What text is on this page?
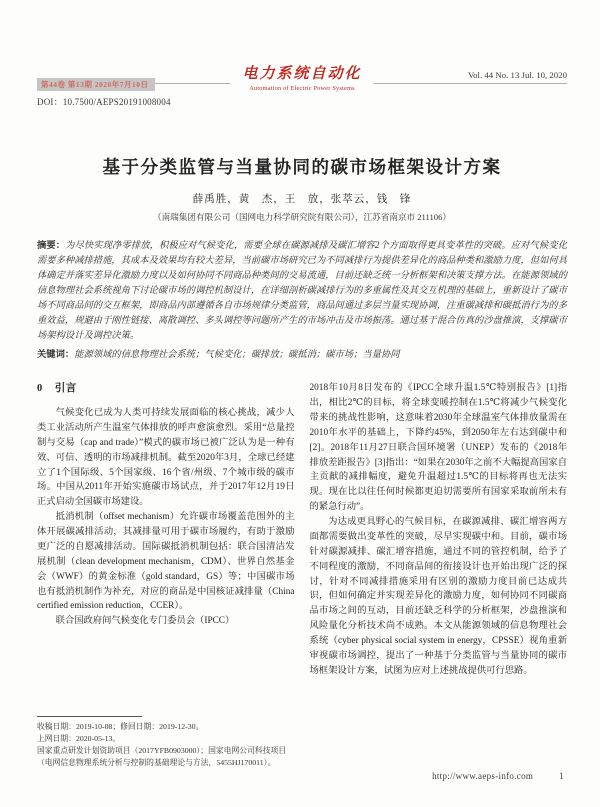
第44卷 第13期 2020年7月10日
DOI：10.7500/AEPS20191008004
电力系统自动化
Automation of Electric Power Systems
Vol. 44 No. 13 Jul. 10, 2020
基于分类监管与当量协同的碳市场框架设计方案
薛禹胜，黄　杰，王　放，张萃云，钱　锋
（南瑞集团有限公司（国网电力科学研究院有限公司），江苏省南京市 211106）
摘要：为尽快实现净零排放，积极应对气候变化，需要全球在碳源减排及碳汇增容2个方面取得更具变革性的突破。应对气候变化需要多种减排措施，其成本及效果均有较大差异，当前碳市场研究已为不同减排行为提供差异化的商品种类和激励力度，但如何具体确定并落实差异化激励力度以及如何协同不同商品种类间的交易流通，目前还缺乏统一分析框架和决策支撑方法。在能源领域的信息物理社会系统视角下讨论碳市场的调控机制设计，在详细剖析碳减排行为的多重属性及其交互机理的基础上，重新设计了碳市场不同商品间的交互框架，即商品内部遵循各自市场规律分类监管，商品间通过多层当量实现协调，注重碳减排和碳抵消行为的多重效益，规避由于刚性链接、离散调控、多头调控等问题所产生的市场冲击及市场振荡。通过基于混合仿真的沙盘推演，支撑碳市场架构设计及调控决策。
关键词：能源领域的信息物理社会系统；气候变化；碳排放；碳抵消；碳市场；当量协同
0 引言

气候变化已成为人类可持续发展面临的核心挑战，减少人类工业活动所产生温室气体排放的呼声愈演愈烈。采用“总量控制与交易（cap and trade）”模式的碳市场已被广泛认为是一种有效、可信、透明的市场减排机制。截至2020年3月，全球已经建立了1个国际级、5个国家级、16个省/州级、7个城市级的碳市场。中国从2011年开始实施碳市场试点，并于2017年12月19日正式启动全国碳市场建设。

抵消机制（offset mechanism）允许碳市场覆盖范围外的主体开展碳减排活动，其减排量可用于碳市场履约，有助于激励更广泛的自愿减排活动。国际碳抵消机制包括：联合国清洁发展机制（clean development mechanism，CDM）、世界自然基金会（WWF）的黄金标准（gold standard，GS）等；中国碳市场也有抵消机制作为补充，对应的商品是中国核证减排量（China certified emission reduction，CCER）。

联合国政府间气候变化专门委员会（IPCC）

收稿日期：2019-10-08；修回日期：2019-12-30。
上网日期：2020-05-13。
国家重点研发计划资助项目（2017YFB0903000）；国家电网公司科技项目（电网信息物理系统分析与控制的基础理论与方法，5455HJ170011）。

2018年10月8日发布的《IPCC全球升温1.5℃特别报告》[1]指出，相比2℃的目标，将全球变暖控制在1.5℃将减少气候变化带来的挑战性影响，这意味着2030年全球温室气体排放量需在2010年水平的基础上，下降约45%，到2050年左右达到碳中和[2]。2018年11月27日联合国环境署（UNEP）发布的《2018年排放差距报告》[3]指出：“如果在2030年之前不大幅提高国家自主贡献的减排幅度，避免升温超过1.5℃的目标将再也无法实现。现在比以往任何时候都更迫切需要所有国家采取前所未有的紧急行动”。

为达成更具野心的气候目标，在碳源减排、碳汇增容两方面都需要做出变革性的突破，尽早实现碳中和。目前，碳市场针对碳源减排、碳汇增容措施，通过不同的管控机制，给予了不同程度的激励，不同商品间的衔接设计也开始出现广泛的探讨，针对不同减排措施采用有区别的激励力度目前已达成共识，但如何确定并实现差异化的激励力度，如何协同不同碳商品市场之间的互动，目前还缺乏科学的分析框架，沙盘推演和风险量化分析技术尚不成熟。本文从能源领域的信息物理社会系统（cyber physical social system in energy，CPSSE）视角重新审视碳市场调控，提出了一种基于分类监管与当量协同的碳市场框架设计方案，试图为应对上述挑战提供可行思路。

http://www.aeps-info.com	1
